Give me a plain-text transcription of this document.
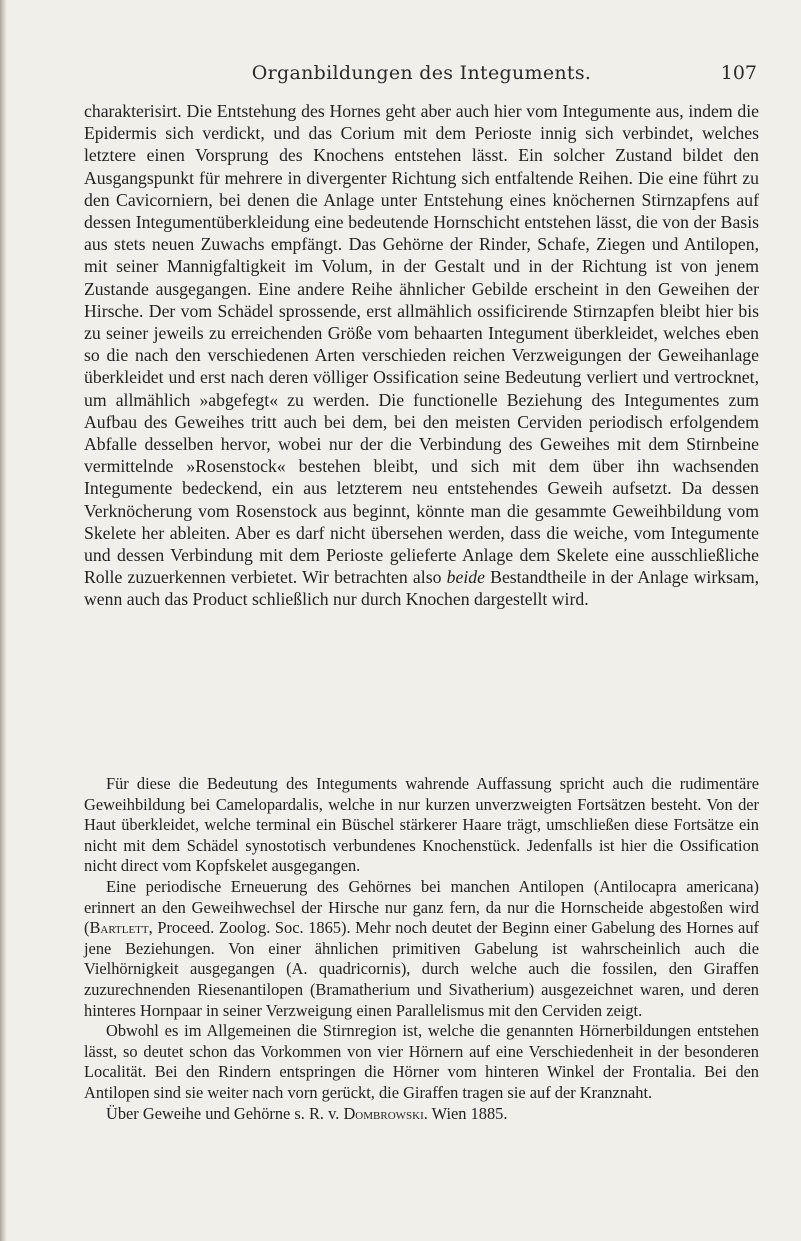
Organbildungen des Integuments.	107

charakterisirt. Die Entstehung des Hornes geht aber auch hier vom Integumente aus, indem die Epidermis sich verdickt, und das Corium mit dem Perioste innig sich verbindet, welches letztere einen Vorsprung des Knochens entstehen lässt. Ein solcher Zustand bildet den Ausgangspunkt für mehrere in divergenter Richtung sich entfaltende Reihen. Die eine führt zu den Cavicorniern, bei denen die Anlage unter Entstehung eines knöchernen Stirnzapfens auf dessen Integumentüberkleidung eine bedeutende Hornschicht entstehen lässt, die von der Basis aus stets neuen Zuwachs empfängt. Das Gehörne der Rinder, Schafe, Ziegen und Antilopen, mit seiner Mannigfaltigkeit im Volum, in der Gestalt und in der Richtung ist von jenem Zustande ausgegangen. Eine andere Reihe ähnlicher Gebilde erscheint in den Geweihen der Hirsche. Der vom Schädel sprossende, erst allmählich ossificirende Stirnzapfen bleibt hier bis zu seiner jeweils zu erreichenden Größe vom behaarten Integument überkleidet, welches eben so die nach den verschiedenen Arten verschieden reichen Verzweigungen der Geweihanlage überkleidet und erst nach deren völliger Ossification seine Bedeutung verliert und vertrocknet, um allmählich »abgefegt« zu werden. Die functionelle Beziehung des Integumentes zum Aufbau des Geweihes tritt auch bei dem, bei den meisten Cerviden periodisch erfolgendem Abfalle desselben hervor, wobei nur der die Verbindung des Geweihes mit dem Stirnbeine vermittelnde »Rosenstock« bestehen bleibt, und sich mit dem über ihn wachsenden Integumente bedeckend, ein aus letzterem neu entstehendes Geweih aufsetzt. Da dessen Verknöcherung vom Rosenstock aus beginnt, könnte man die gesammte Geweihbildung vom Skelete her ableiten. Aber es darf nicht übersehen werden, dass die weiche, vom Integumente und dessen Verbindung mit dem Perioste gelieferte Anlage dem Skelete eine ausschließliche Rolle zuzuerkennen verbietet. Wir betrachten also beide Bestandtheile in der Anlage wirksam, wenn auch das Product schließlich nur durch Knochen dargestellt wird.

Für diese die Bedeutung des Integuments wahrende Auffassung spricht auch die rudimentäre Geweihbildung bei Camelopardalis, welche in nur kurzen unverzweigten Fortsätzen besteht. Von der Haut überkleidet, welche terminal ein Büschel stärkerer Haare trägt, umschließen diese Fortsätze ein nicht mit dem Schädel synostotisch verbundenes Knochenstück. Jedenfalls ist hier die Ossification nicht direct vom Kopfskelet ausgegangen.

Eine periodische Erneuerung des Gehörnes bei manchen Antilopen (Antilocapra americana) erinnert an den Geweihwechsel der Hirsche nur ganz fern, da nur die Hornscheide abgestoßen wird (Bartlett, Proceed. Zoolog. Soc. 1865). Mehr noch deutet der Beginn einer Gabelung des Hornes auf jene Beziehungen. Von einer ähnlichen primitiven Gabelung ist wahrscheinlich auch die Vielhörnigkeit ausgegangen (A. quadricornis), durch welche auch die fossilen, den Giraffen zuzurechnenden Riesenantilopen (Bramatherium und Sivatherium) ausgezeichnet waren, und deren hinteres Hornpaar in seiner Verzweigung einen Parallelismus mit den Cerviden zeigt.

Obwohl es im Allgemeinen die Stirnregion ist, welche die genannten Hörnerbildungen entstehen lässt, so deutet schon das Vorkommen von vier Hörnern auf eine Verschiedenheit in der besonderen Localität. Bei den Rindern entspringen die Hörner vom hinteren Winkel der Frontalia. Bei den Antilopen sind sie weiter nach vorn gerückt, die Giraffen tragen sie auf der Kranznaht.

Über Geweihe und Gehörne s. R. v. Dombrowski. Wien 1885.
